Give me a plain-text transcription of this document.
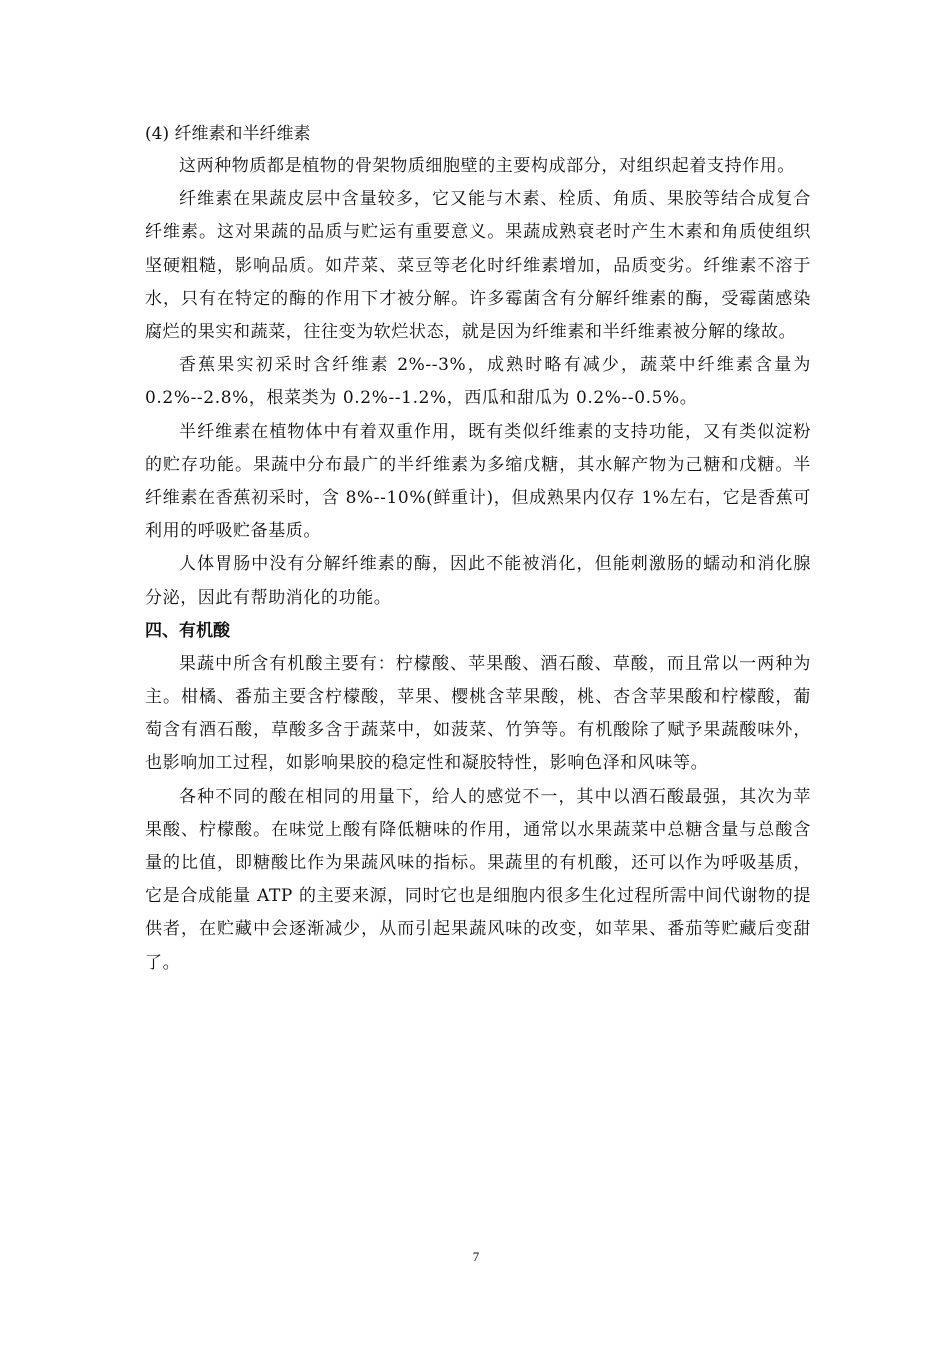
(4) 纤维素和半纤维素

这两种物质都是植物的骨架物质细胞壁的主要构成部分，对组织起着支持作用。

纤维素在果蔬皮层中含量较多，它又能与木素、栓质、角质、果胶等结合成复合纤维素。这对果蔬的品质与贮运有重要意义。果蔬成熟衰老时产生木素和角质使组织坚硬粗糙，影响品质。如芹菜、菜豆等老化时纤维素增加，品质变劣。纤维素不溶于水，只有在特定的酶的作用下才被分解。许多霉菌含有分解纤维素的酶，受霉菌感染腐烂的果实和蔬菜，往往变为软烂状态，就是因为纤维素和半纤维素被分解的缘故。

香蕉果实初采时含纤维素 2%--3%，成熟时略有减少，蔬菜中纤维素含量为 0.2%--2.8%，根菜类为 0.2%--1.2%，西瓜和甜瓜为 0.2%--0.5%。

半纤维素在植物体中有着双重作用，既有类似纤维素的支持功能，又有类似淀粉的贮存功能。果蔬中分布最广的半纤维素为多缩戊糖，其水解产物为己糖和戊糖。半纤维素在香蕉初采时，含 8%--10%(鲜重计)，但成熟果内仅存 1%左右，它是香蕉可利用的呼吸贮备基质。

人体胃肠中没有分解纤维素的酶，因此不能被消化，但能刺激肠的蠕动和消化腺分泌，因此有帮助消化的功能。

四、有机酸

果蔬中所含有机酸主要有：柠檬酸、苹果酸、酒石酸、草酸，而且常以一两种为主。柑橘、番茄主要含柠檬酸，苹果、樱桃含苹果酸，桃、杏含苹果酸和柠檬酸，葡萄含有酒石酸，草酸多含于蔬菜中，如菠菜、竹笋等。有机酸除了赋予果蔬酸味外，也影响加工过程，如影响果胶的稳定性和凝胶特性，影响色泽和风味等。

各种不同的酸在相同的用量下，给人的感觉不一，其中以酒石酸最强，其次为苹果酸、柠檬酸。在味觉上酸有降低糖味的作用，通常以水果蔬菜中总糖含量与总酸含量的比值，即糖酸比作为果蔬风味的指标。果蔬里的有机酸，还可以作为呼吸基质，它是合成能量 ATP 的主要来源，同时它也是细胞内很多生化过程所需中间代谢物的提供者，在贮藏中会逐渐减少，从而引起果蔬风味的改变，如苹果、番茄等贮藏后变甜了。

7
